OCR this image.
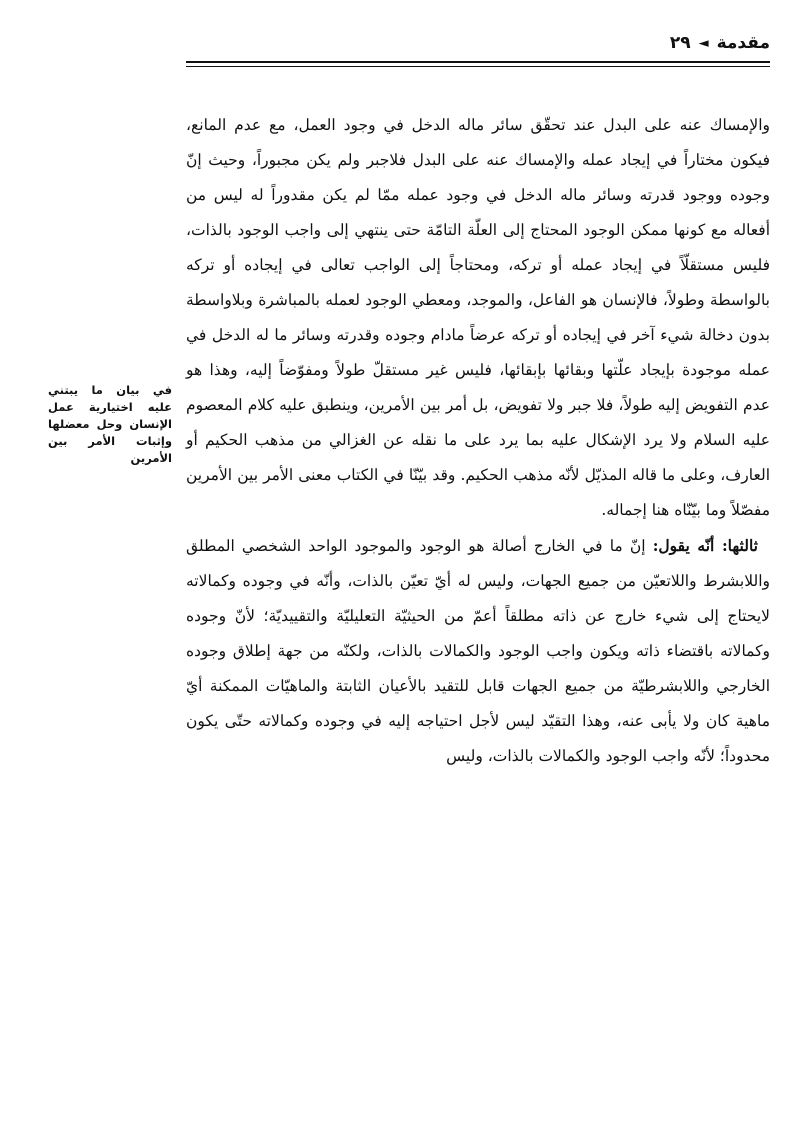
مقدمة
◄
٢٩

والإمساك عنه على البدل عند تحقّق سائر ماله الدخل في وجود العمل، مع عدم المانع، فيكون مختاراً في إيجاد عمله والإمساك عنه على البدل فلاجبر ولم يكن مجبوراً، وحيث إنّ وجوده ووجود قدرته وسائر ماله الدخل في وجود عمله ممّا لم يكن مقدوراً له ليس من أفعاله مع كونها ممكن الوجود المحتاج إلى العلّة التامّة حتى ينتهي إلى واجب الوجود بالذات، فليس مستقلّاً في إيجاد عمله أو تركه، ومحتاجاً إلى الواجب تعالى في إيجاده أو تركه بالواسطة وطولاً، فالإنسان هو الفاعل، والموجد، ومعطي الوجود لعمله بالمباشرة وبلاواسطة بدون دخالة شيء آخر في إيجاده أو تركه عرضاً مادام وجوده وقدرته وسائر ما له الدخل في عمله موجودة بإيجاد علّتها وبقائها بإبقائها، فليس غير مستقلّ طولاً ومفوّضاً إليه، وهذا هو عدم التفويض إليه طولاً، فلا جبر ولا تفويض، بل أمر بين الأمرين، وينطبق عليه كلام المعصوم عليه السلام ولا يرد الإشكال عليه بما يرد على ما نقله عن الغزالي من مذهب الحكيم أو العارف، وعلى ما قاله المذيّل لأنّه مذهب الحكيم. وقد بيّنّا في الكتاب معنى الأمر بين الأمرين مفصّلاً وما بيّنّاه هنا إجماله.

ثالثها: أنّه يقول: إنّ ما في الخارج أصالة هو الوجود والموجود الواحد الشخصي المطلق واللابشرط واللاتعيّن من جميع الجهات، وليس له أيّ تعيّن بالذات، وأنّه في وجوده وكمالاته لايحتاج إلى شيء خارج عن ذاته مطلقاً أعمّ من الحيثيّة التعليليّة والتقييديّة؛ لأنّ وجوده وكمالاته باقتضاء ذاته ويكون واجب الوجود والكمالات بالذات، ولكنّه من جهة إطلاق وجوده الخارجي واللابشرطيّة من جميع الجهات قابل للتقيد بالأعيان الثابتة والماهيّات الممكنة أيّ ماهية كان ولا يأبى عنه، وهذا التقيّد ليس لأجل احتياجه إليه في وجوده وكمالاته حتّى يكون محدوداً؛ لأنّه واجب الوجود والكمالات بالذات، وليس

في بيان ما يبتني عليه اختيارية عمل الإنسان وحل معضلها وإثبات الأمر بين الأمرين
